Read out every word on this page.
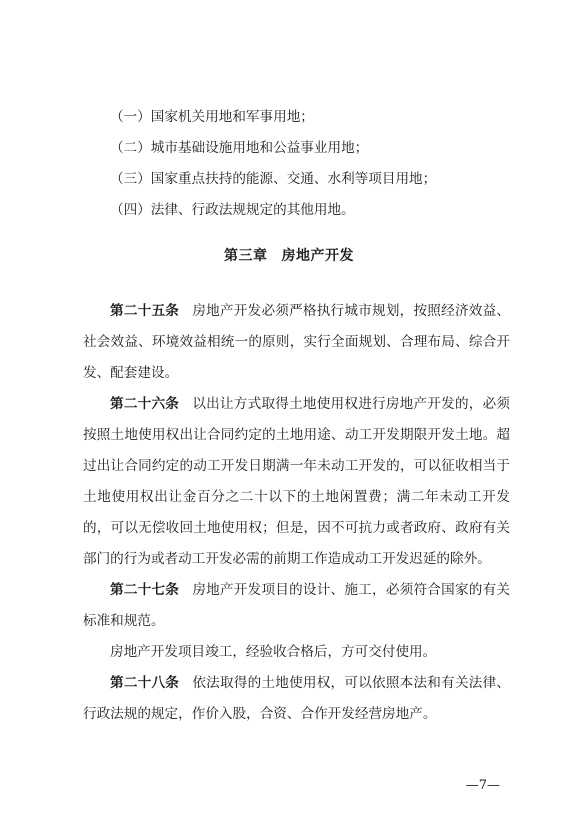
（一）国家机关用地和军事用地；
（二）城市基础设施用地和公益事业用地；
（三）国家重点扶持的能源、交通、水利等项目用地；
（四）法律、行政法规规定的其他用地。
第三章 房地产开发

第二十五条 房地产开发必须严格执行城市规划，按照经济效益、社会效益、环境效益相统一的原则，实行全面规划、合理布局、综合开发、配套建设。

第二十六条 以出让方式取得土地使用权进行房地产开发的，必须按照土地使用权出让合同约定的土地用途、动工开发期限开发土地。超过出让合同约定的动工开发日期满一年未动工开发的，可以征收相当于土地使用权出让金百分之二十以下的土地闲置费；满二年未动工开发的，可以无偿收回土地使用权；但是，因不可抗力或者政府、政府有关部门的行为或者动工开发必需的前期工作造成动工开发迟延的除外。

第二十七条 房地产开发项目的设计、施工，必须符合国家的有关标准和规范。

房地产开发项目竣工，经验收合格后，方可交付使用。

第二十八条 依法取得的土地使用权，可以依照本法和有关法律、行政法规的规定，作价入股，合资、合作开发经营房地产。

—7—
